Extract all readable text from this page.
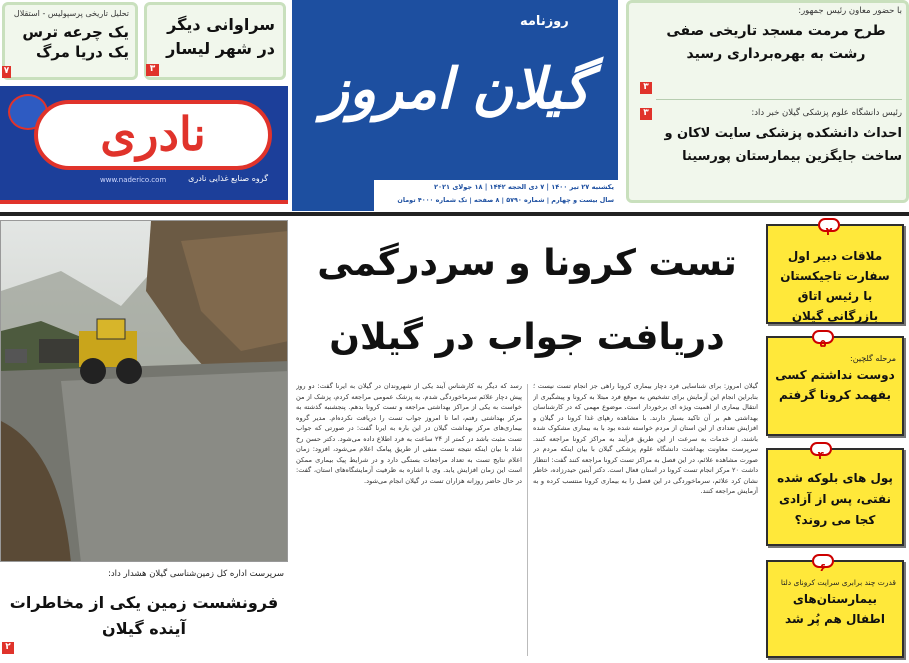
تحلیل تاریخی پرسپولیس - استقلال
یک چرعه ترس یک دریا مرگ
۷
سراوانی دیگر در شهر لیسار
۳
نادری
www.naderico.com	گروه صنایع غذایی نادری
روزنامه
گیلان امروز
یکشنبه ۲۷ تیر ۱۴۰۰ | ۷ ذی الحجه ۱۴۴۲ | ۱۸ جولای ۲۰۲۱
سال بیست و چهارم | شماره ۵۷۹۰ | ۸ صفحه | تک شماره ۴۰۰۰ تومان
با حضور معاون رئیس جمهور:
طرح مرمت مسجد تاریخی صفی رشت به بهره‌برداری رسید
۳
رئیس دانشگاه علوم پزشکی گیلان خبر داد:
احداث دانشکده پزشکی سایت لاکان و ساخت جایگزین بیمارستان پورسینا
۳
سرپرست اداره کل زمین‌شناسی گیلان هشدار داد:
فرونشست زمین یکی از مخاطرات آینده گیلان
۲
تست کرونا و سردرگمی
دریافت جواب در گیلان
گیلان امروز: برای شناسایی فرد دچار بیماری کرونا راهی جز انجام تست نیست ؛ بنابراین انجام این آزمایش برای تشخیص به موقع فرد مبتلا به کرونا و پیشگیری از انتقال بیماری از اهمیت ویژه ای برخوردار است. موضوع مهمی که در کارشناسان بهداشتی هم بر آن تاکید بسیار دارند. با مشاهده رهپای غذا کرونا در گیلان و افزایش تعدادی از این استان از مردم خواسته شده بود با به بیماری مشکوک شده باشند، از خدمات به سرعت از این طریق فرآیند به مراکز کرونا مراجعه کنند. سرپرست معاونت بهداشت دانشگاه علوم پزشکی گیلان با بیان اینکه مردم در صورت مشاهده علائم، در این فصل به مراکز تست کرونا مراجعه کنند گفت: انتظار داشت ۲۰ مرکز انجام تست کرونا در استان فعال است. دکتر آبتین حیدرزاده، خاطر نشان کرد علائم، سرماخوردگی در این فصل را به بیماری کرونا منتسب کرده و به آزمایش مراجعه کنند.
رسد که دیگر به کارشناس آیند یکی از شهروندان در گیلان به ایرنا گفت: دو روز پیش دچار علائم سرماخوردگی شدم. به پزشک عمومی مراجعه کردم، پزشک از من خواست به یکی از مراکز بهداشتی مراجعه و تست کرونا بدهم. پنجشنبه گذشته به مرکز بهداشتی رفتم، اما تا امروز جواب تست را دریافت نکرده‌ام. مدیر گروه بیماری‌های مرکز بهداشت گیلان در این باره به ایرنا گفت: در صورتی که جواب تست مثبت باشد در کمتر از ۲۴ ساعت به فرد اطلاع داده می‌شود. دکتر حسن رخ شاد با بیان اینکه نتیجه تست منفی از طریق پیامک اعلام می‌شود، افزود: زمان اعلام نتایج تست به تعداد مراجعات بستگی دارد و در شرایط پیک بیماری ممکن است این زمان افزایش یابد. وی با اشاره به ظرفیت آزمایشگاه‌های استان، گفت: در حال حاضر روزانه هزاران تست در گیلان انجام می‌شود.
ملاقات دبیر اول سفارت تاجیکستان با رئیس اتاق بازرگانی گیلان
۲
مرحله گلچین:
دوست نداشتم کسی بفهمد کرونا گرفتم
۵
پول های بلوکه شده نفتی، پس از آزادی کجا می روند؟
۴
قدرت چند برابری سرایت کرونای دلتا
بیمارستان‌های اطفال هم پُر شد
۶
